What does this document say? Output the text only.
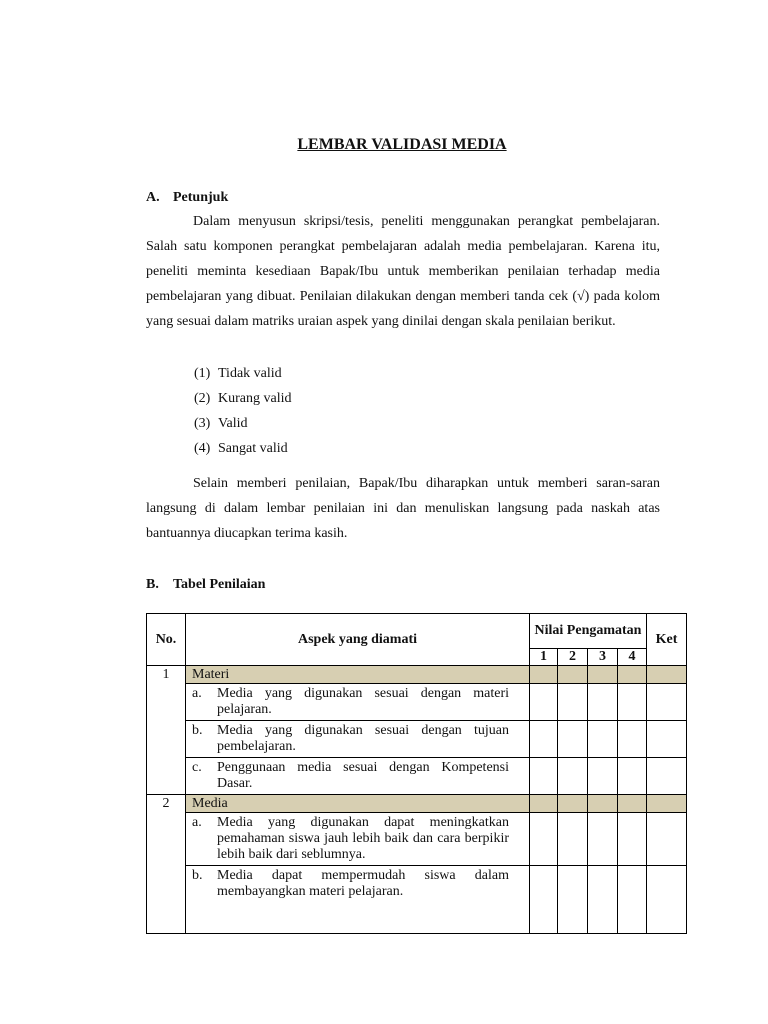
LEMBAR VALIDASI MEDIA
A. Petunjuk
Dalam menyusun skripsi/tesis, peneliti menggunakan perangkat pembelajaran. Salah satu komponen perangkat pembelajaran adalah media pembelajaran. Karena itu, peneliti meminta kesediaan Bapak/Ibu untuk memberikan penilaian terhadap media pembelajaran yang dibuat. Penilaian dilakukan dengan memberi tanda cek (√) pada kolom yang sesuai dalam matriks uraian aspek yang dinilai dengan skala penilaian berikut.
(1) Tidak valid
(2) Kurang valid
(3) Valid
(4) Sangat valid
Selain memberi penilaian, Bapak/Ibu diharapkan untuk memberi saran-saran langsung di dalam lembar penilaian ini dan menuliskan langsung pada naskah atas bantuannya diucapkan terima kasih.
B. Tabel Penilaian
No.	Aspek yang diamati	Nilai Pengamatan				Ket
		1	2	3	4	
1	Materi					

	a. Media yang digunakan sesuai dengan materi pelajaran.					

	b. Media yang digunakan sesuai dengan tujuan pembelajaran.					

	c. Penggunaan media sesuai dengan Kompetensi Dasar.					

2	Media					

	a. Media yang digunakan dapat meningkatkan pemahaman siswa jauh lebih baik dan cara berpikir lebih baik dari seblumnya.					

	b. Media dapat mempermudah siswa dalam membayangkan materi pelajaran.					
